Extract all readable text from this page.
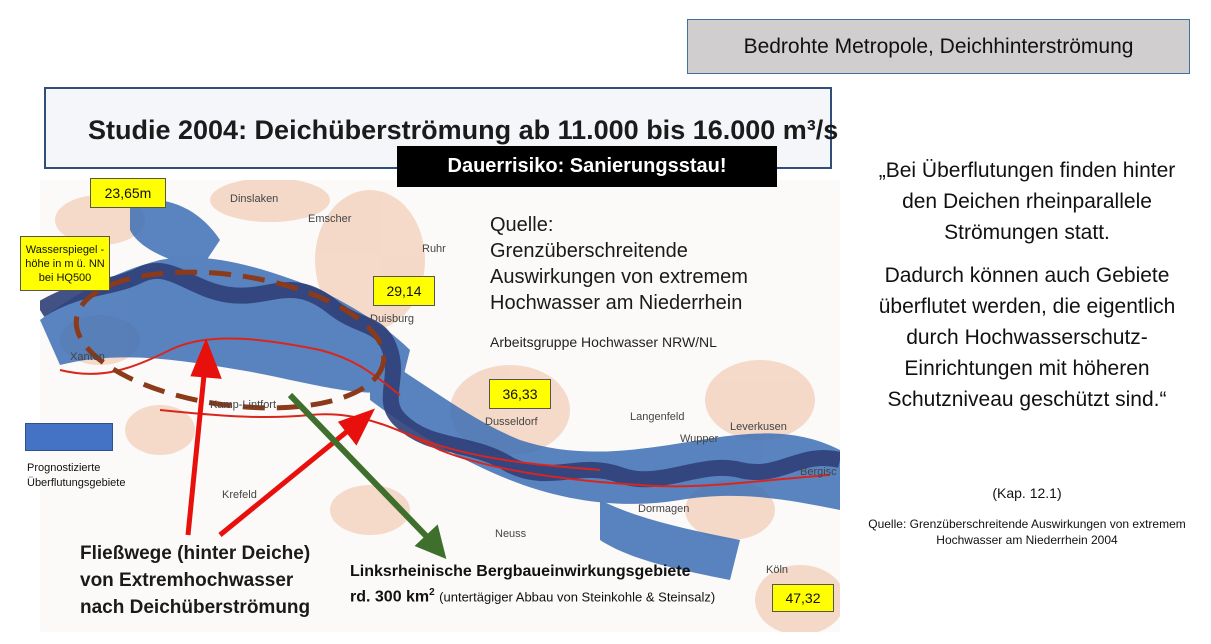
Bedrohte Metropole, Deichhinterströmung
Dinslaken
Emscher
Ruhr
Duisburg
Xanten
Kamp-Lintfort
Dusseldorf	Langenfeld
Leverkusen
Wupper
Krefeld
Neuss
Dormagen
Köln
Bergisc
Studie 2004: Deichüberströmung ab 11.000 bis 16.000 m³/s
Dauerrisiko: Sanierungsstau!
23,65m
29,14
36,33
47,32
Wasserspiegel -höhe in m ü. NN bei HQ500
Prognostizierte Überflutungsgebiete
Quelle:
Grenzüberschreitende
Auswirkungen von extremem
Hochwasser am Niederrhein
Arbeitsgruppe Hochwasser NRW/NL
Fließwege (hinter Deiche) von Extremhochwasser nach Deichüberströmung
Linksrheinische Bergbaueinwirkungsgebiete
rd. 300 $km^2$ (untertägiger Abbau von Steinkohle & Steinsalz)

„Bei Überflutungen finden hinter den Deichen rheinparallele Strömungen statt.

Dadurch können auch Gebiete überflutet werden, die eigentlich durch Hochwasserschutz-Einrichtungen mit höheren Schutzniveau geschützt sind.“

(Kap. 12.1)
Quelle: Grenzüberschreitende Auswirkungen von extremem Hochwasser am Niederrhein 2004
